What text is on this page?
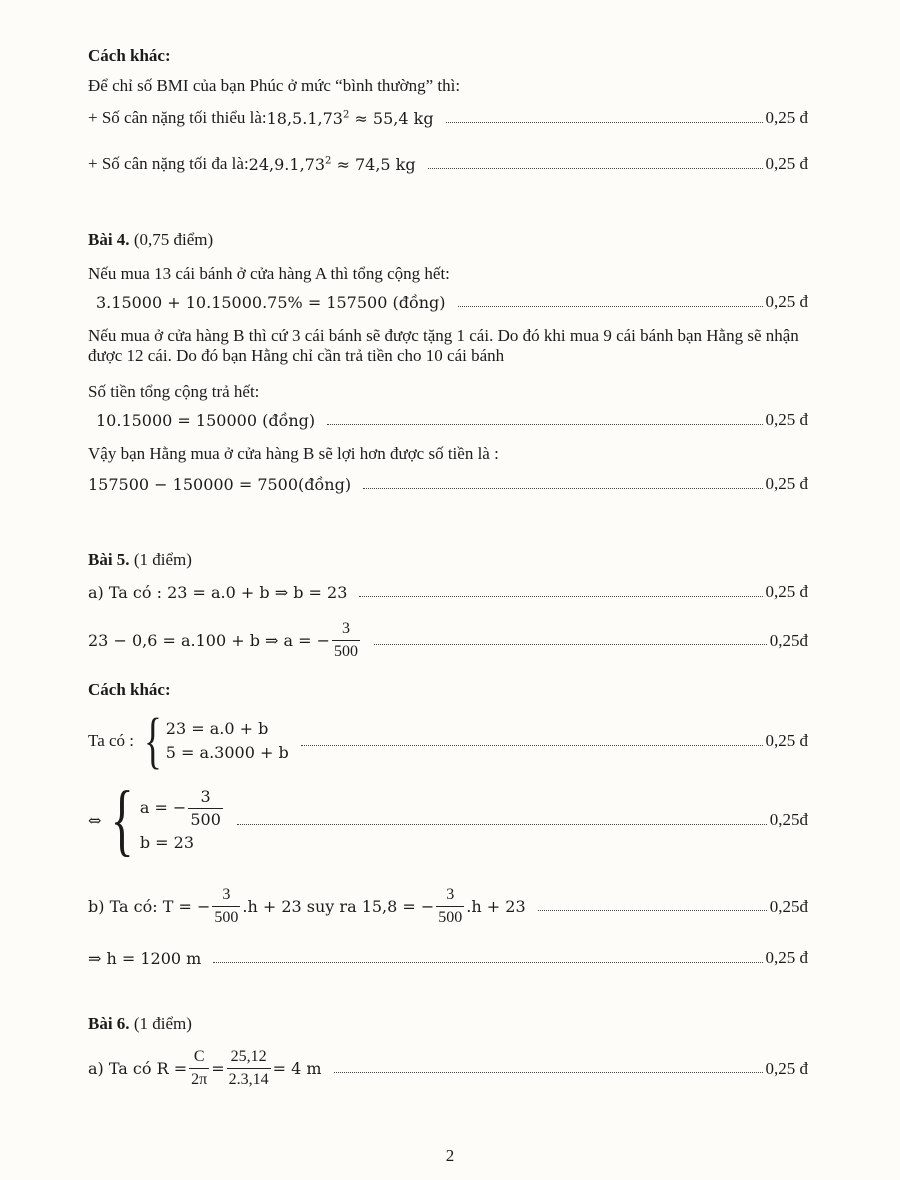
Cách khác:
Để chỉ số BMI của bạn Phúc ở mức “bình thường” thì:
+ Số cân nặng tối thiểu là: $18,5.1,73^2 \approx 55,4$ kg	0,25 đ
+ Số cân nặng tối đa là: $24,9.1,73^2 \approx 74,5$ kg	0,25 đ
Bài 4. (0,75 điểm)
Nếu mua 13 cái bánh ở cửa hàng A thì tổng cộng hết:
3.15000 + 10.15000.75% = 157500 (đồng)	0,25 đ
Nếu mua ở cửa hàng B thì cứ 3 cái bánh sẽ được tặng 1 cái. Do đó khi mua 9 cái bánh bạn Hằng sẽ nhận được 12 cái. Do đó bạn Hằng chỉ cần trả tiền cho 10 cái bánh
Số tiền tổng cộng trả hết:
10.15000 = 150000 (đồng)	0,25 đ
Vậy bạn Hằng mua ở cửa hàng B sẽ lợi hơn được số tiền là :
157500 − 150000 = 7500(đồng)	0,25 đ
Bài 5. (1 điểm)
a) Ta có : 23 = a.0 + b ⇒ b = 23	0,25 đ
23 − 0,6 = a.100 + b ⇒ a = − $\frac{3}{500}$	0,25đ
Cách khác:
Ta có : { 23 = a.0 + b
5 = a.3000 + b
0,25 đ
⇔ { a = − $\frac{3}{500}$
b = 23
0,25đ
b) Ta có: T = − $\frac{3}{500} .h + 23$ suy ra 15,8 = − $\frac{3}{500} .h + 23$	0,25đ
⇒ h = 1200 m	0,25 đ
Bài 6. (1 điểm)
a) Ta có $R = \frac{C}{2\pi} = \frac{25,12}{2.3,14} = 4$ m	0,25 đ
2
